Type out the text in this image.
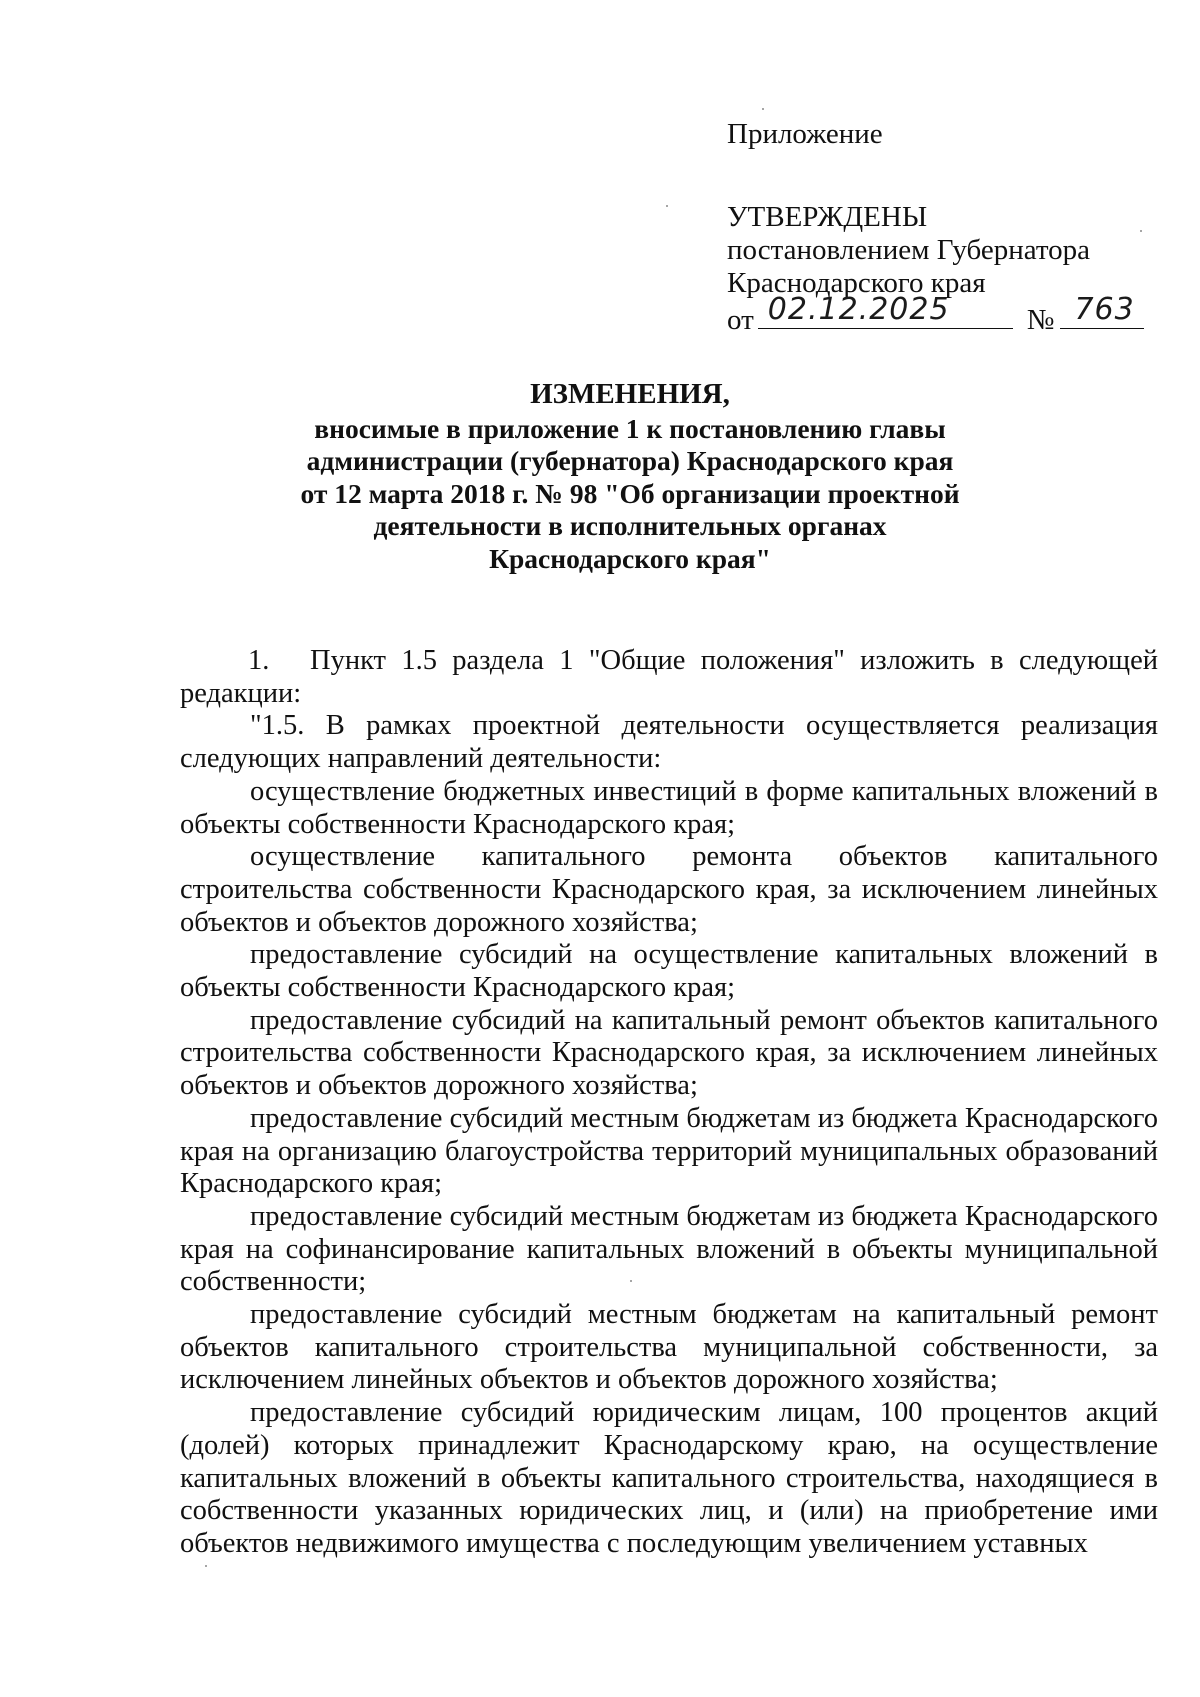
Приложение
УТВЕРЖДЕНЫ
постановлением Губернатора
Краснодарского края
от 02.12.2025	№ 763
ИЗМЕНЕНИЯ,
вносимые в приложение 1 к постановлению главы
администрации (губернатора) Краснодарского края
от 12 марта 2018 г. № 98 "Об организации проектной
деятельности в исполнительных органах
Краснодарского края"

1. Пункт 1.5 раздела 1 "Общие положения" изложить в следующей редакции:

"1.5. В рамках проектной деятельности осуществляется реализация следующих направлений деятельности:

осуществление бюджетных инвестиций в форме капитальных вложений в объекты собственности Краснодарского края;

осуществление капитального ремонта объектов капитального строительства собственности Краснодарского края, за исключением линейных объектов и объектов дорожного хозяйства;

предоставление субсидий на осуществление капитальных вложений в объекты собственности Краснодарского края;

предоставление субсидий на капитальный ремонт объектов капитального строительства собственности Краснодарского края, за исключением линейных объектов и объектов дорожного хозяйства;

предоставление субсидий местным бюджетам из бюджета Краснодарского края на организацию благоустройства территорий муниципальных образований Краснодарского края;

предоставление субсидий местным бюджетам из бюджета Краснодарского края на софинансирование капитальных вложений в объекты муниципальной собственности;

предоставление субсидий местным бюджетам на капитальный ремонт объектов капитального строительства муниципальной собственности, за исключением линейных объектов и объектов дорожного хозяйства;

предоставление субсидий юридическим лицам, 100 процентов акций (долей) которых принадлежит Краснодарскому краю, на осуществление капитальных вложений в объекты капитального строительства, находящиеся в собственности указанных юридических лиц, и (или) на приобретение ими объектов недвижимого имущества с последующим увеличением уставных
